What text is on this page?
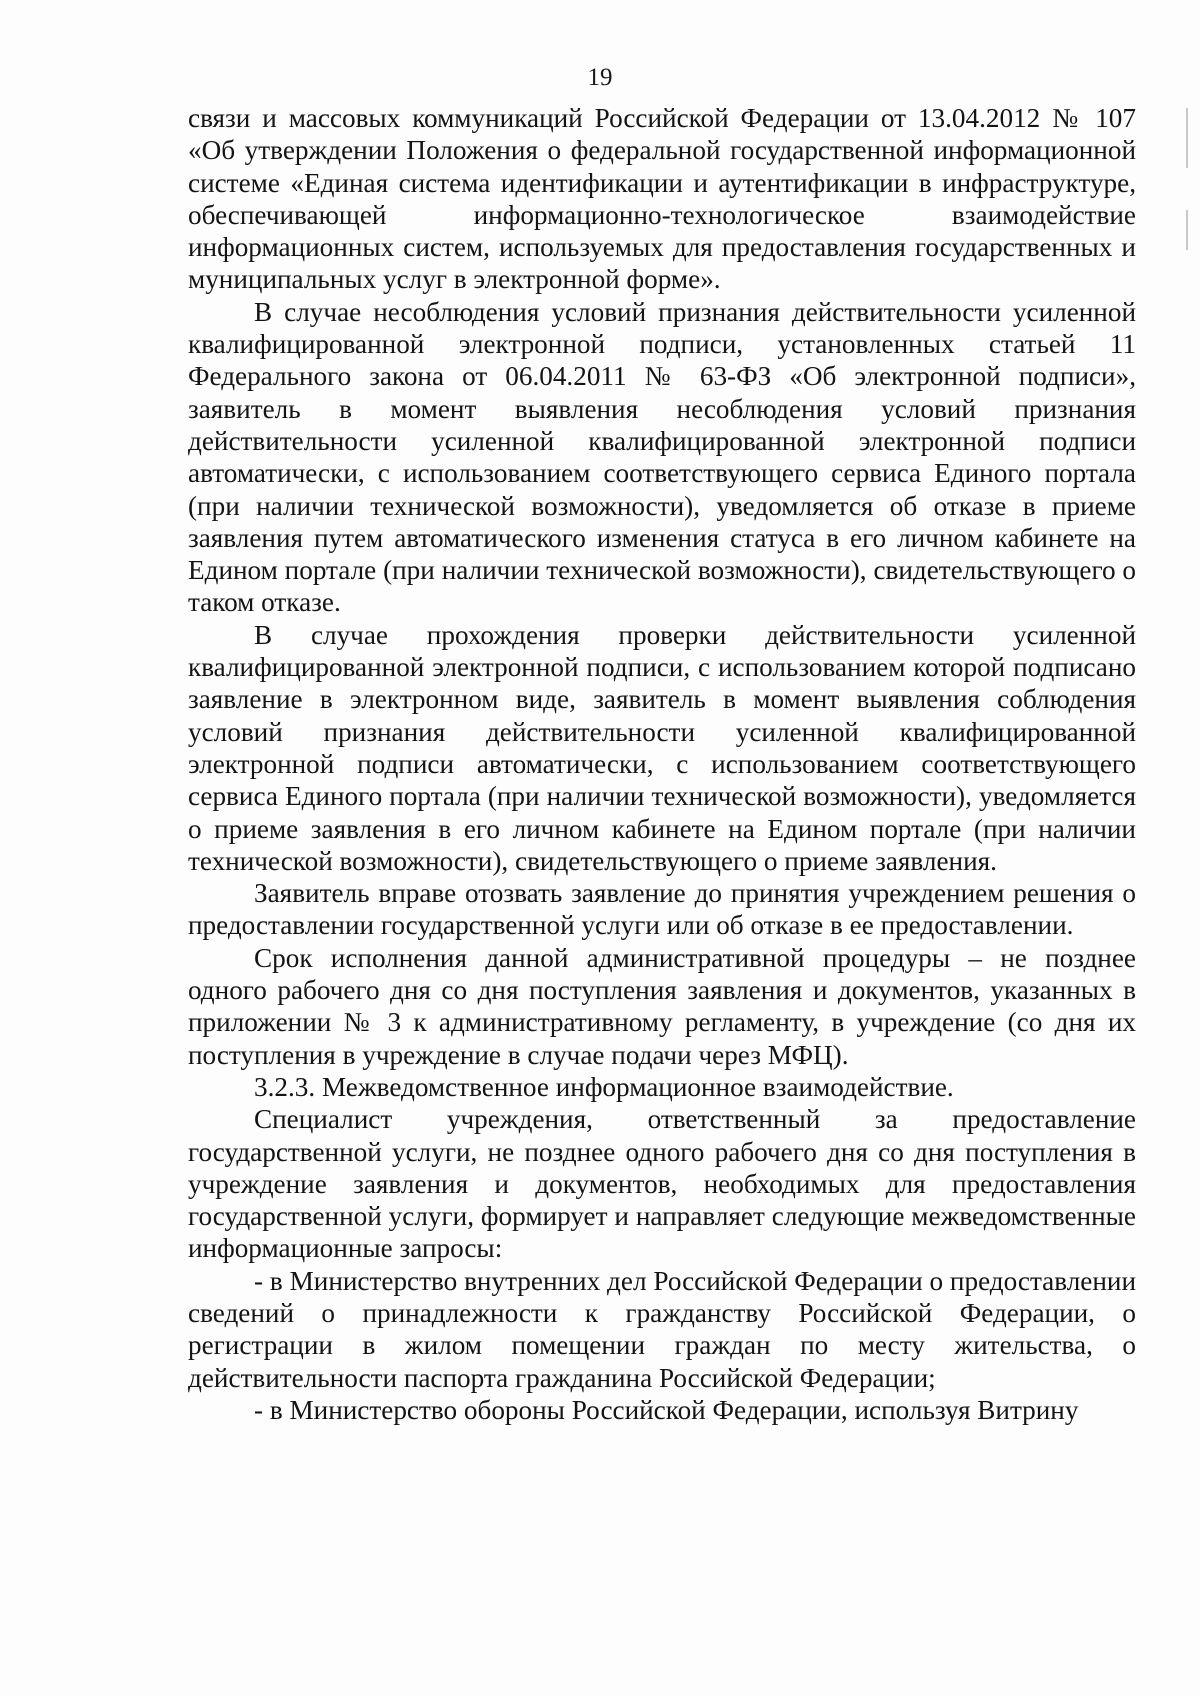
19

связи и массовых коммуникаций Российской Федерации от 13.04.2012 № 107 «Об утверждении Положения о федеральной государственной информационной системе «Единая система идентификации и аутентификации в инфраструктуре, обеспечивающей информационно-технологическое взаимодействие информационных систем, используемых для предоставления государственных и муниципальных услуг в электронной форме».

В случае несоблюдения условий признания действительности усиленной квалифицированной электронной подписи, установленных статьей 11 Федерального закона от 06.04.2011 № 63-ФЗ «Об электронной подписи», заявитель в момент выявления несоблюдения условий признания действительности усиленной квалифицированной электронной подписи автоматически, с использованием соответствующего сервиса Единого портала (при наличии технической возможности), уведомляется об отказе в приеме заявления путем автоматического изменения статуса в его личном кабинете на Едином портале (при наличии технической возможности), свидетельствующего о таком отказе.

В случае прохождения проверки действительности усиленной квалифицированной электронной подписи, с использованием которой подписано заявление в электронном виде, заявитель в момент выявления соблюдения условий признания действительности усиленной квалифицированной электронной подписи автоматически, с использованием соответствующего сервиса Единого портала (при наличии технической возможности), уведомляется о приеме заявления в его личном кабинете на Едином портале (при наличии технической возможности), свидетельствующего о приеме заявления.

Заявитель вправе отозвать заявление до принятия учреждением решения о предоставлении государственной услуги или об отказе в ее предоставлении.

Срок исполнения данной административной процедуры – не позднее одного рабочего дня со дня поступления заявления и документов, указанных в приложении № 3 к административному регламенту, в учреждение (со дня их поступления в учреждение в случае подачи через МФЦ).

3.2.3. Межведомственное информационное взаимодействие.

Специалист учреждения, ответственный за предоставление государственной услуги, не позднее одного рабочего дня со дня поступления в учреждение заявления и документов, необходимых для предоставления государственной услуги, формирует и направляет следующие межведомственные информационные запросы:

- в Министерство внутренних дел Российской Федерации о предоставлении сведений о принадлежности к гражданству Российской Федерации, о регистрации в жилом помещении граждан по месту жительства, о действительности паспорта гражданина Российской Федерации;

- в Министерство обороны Российской Федерации, используя Витрину
